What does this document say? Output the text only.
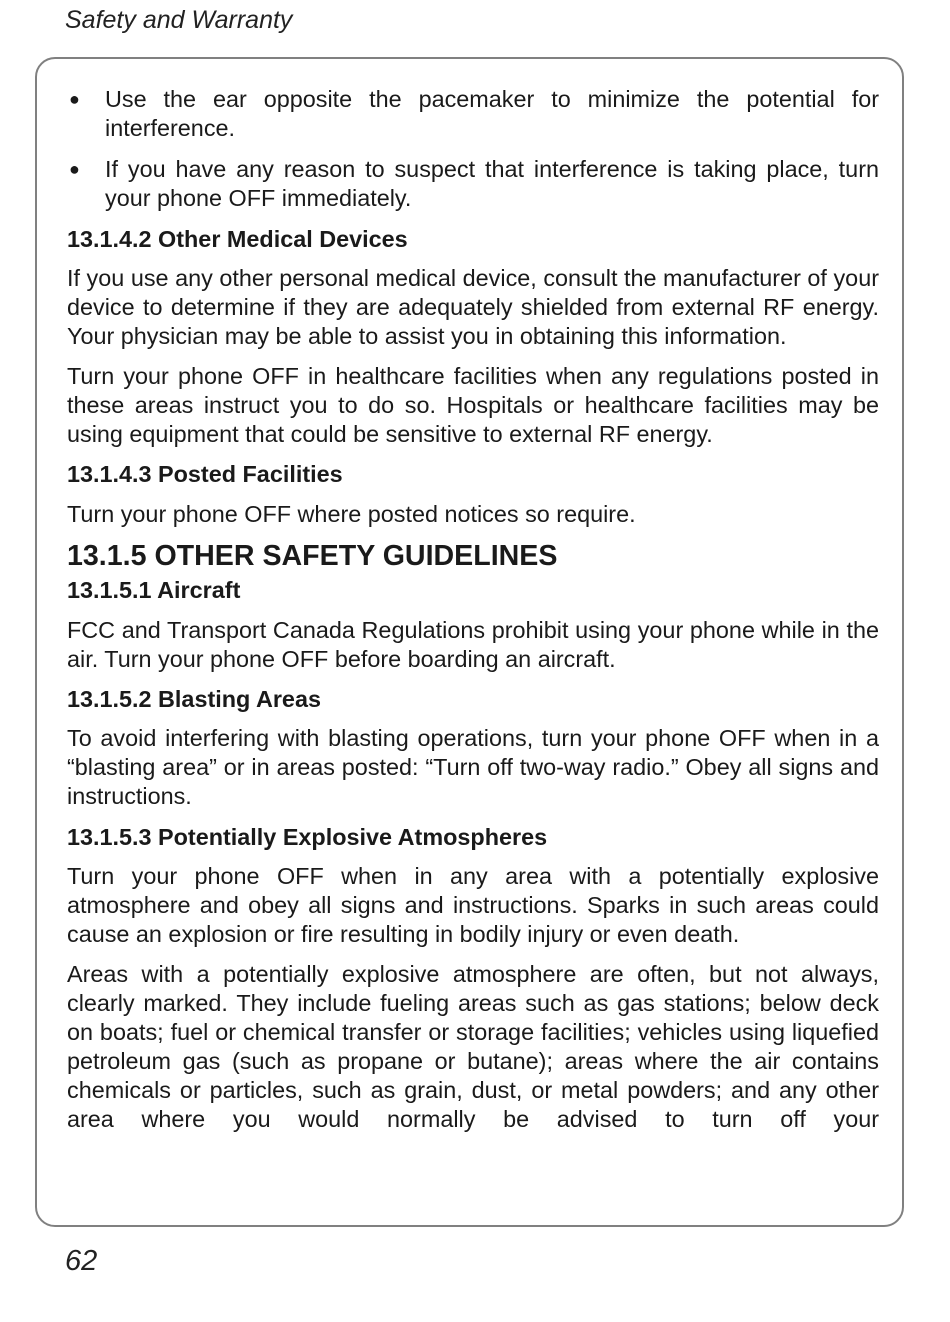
Safety and Warranty
● Use the ear opposite the pacemaker to minimize the potential for interference.
● If you have any reason to suspect that interference is taking place, turn your phone OFF immediately.
13.1.4.2 Other Medical Devices

If you use any other personal medical device, consult the manufacturer of your device to determine if they are adequately shielded from external RF energy. Your physician may be able to assist you in obtaining this information.

Turn your phone OFF in healthcare facilities when any regulations posted in these areas instruct you to do so. Hospitals or healthcare facilities may be using equipment that could be sensitive to external RF energy.

13.1.4.3 Posted Facilities

Turn your phone OFF where posted notices so require.

13.1.5 OTHER SAFETY GUIDELINES
13.1.5.1 Aircraft

FCC and Transport Canada Regulations prohibit using your phone while in the air. Turn your phone OFF before boarding an aircraft.

13.1.5.2 Blasting Areas

To avoid interfering with blasting operations, turn your phone OFF when in a “blasting area” or in areas posted: “Turn off two-way radio.” Obey all signs and instructions.

13.1.5.3 Potentially Explosive Atmospheres

Turn your phone OFF when in any area with a potentially explosive atmosphere and obey all signs and instructions. Sparks in such areas could cause an explosion or fire resulting in bodily injury or even death.

Areas with a potentially explosive atmosphere are often, but not always, clearly marked. They include fueling areas such as gas stations; below deck on boats; fuel or chemical transfer or storage facilities; vehicles using liquefied petroleum gas (such as propane or butane); areas where the air contains chemicals or particles, such as grain, dust, or metal powders; and any other area where you would normally be advised to turn off your

62
